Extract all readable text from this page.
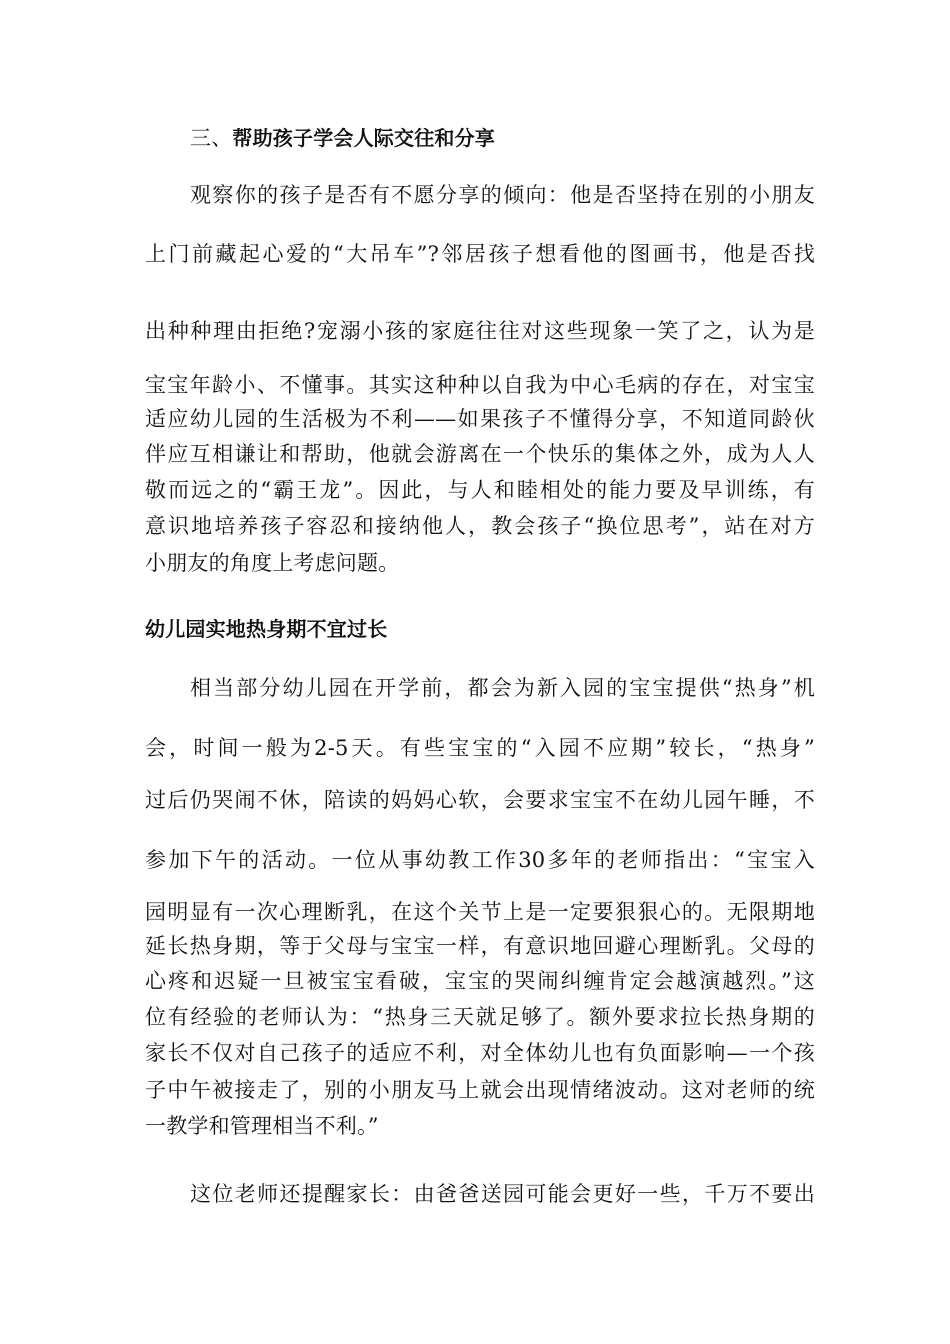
三、帮助孩子学会人际交往和分享
观察你的孩子是否有不愿分享的倾向：他是否坚持在别的小朋友
上门前藏起心爱的“大吊车”?邻居孩子想看他的图画书，他是否找
出种种理由拒绝?宠溺小孩的家庭往往对这些现象一笑了之，认为是
宝宝年龄小、不懂事。其实这种种以自我为中心毛病的存在，对宝宝
适应幼儿园的生活极为不利——如果孩子不懂得分享，不知道同龄伙
伴应互相谦让和帮助，他就会游离在一个快乐的集体之外，成为人人
敬而远之的“霸王龙”。因此，与人和睦相处的能力要及早训练，有
意识地培养孩子容忍和接纳他人，教会孩子“换位思考”，站在对方
小朋友的角度上考虑问题。
幼儿园实地热身期不宜过长
相当部分幼儿园在开学前，都会为新入园的宝宝提供“热身”机
会，时间一般为2-5天。有些宝宝的“入园不应期”较长，“热身”
过后仍哭闹不休，陪读的妈妈心软，会要求宝宝不在幼儿园午睡，不
参加下午的活动。一位从事幼教工作30多年的老师指出：“宝宝入
园明显有一次心理断乳，在这个关节上是一定要狠狠心的。无限期地
延长热身期，等于父母与宝宝一样，有意识地回避心理断乳。父母的
心疼和迟疑一旦被宝宝看破，宝宝的哭闹纠缠肯定会越演越烈。”这
位有经验的老师认为：“热身三天就足够了。额外要求拉长热身期的
家长不仅对自己孩子的适应不利，对全体幼儿也有负面影响—一个孩
子中午被接走了，别的小朋友马上就会出现情绪波动。这对老师的统
一教学和管理相当不利。”
这位老师还提醒家长：由爸爸送园可能会更好一些，千万不要出
